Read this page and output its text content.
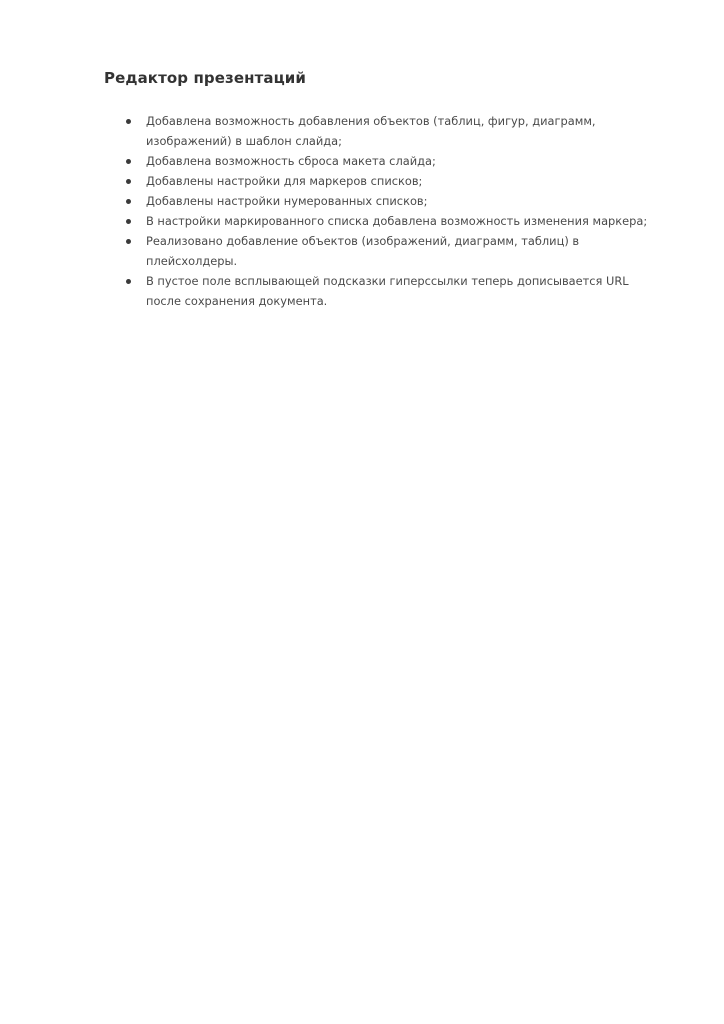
Редактор презентаций
Добавлена возможность добавления объектов (таблиц, фигур, диаграмм,
изображений) в шаблон слайда;
Добавлена возможность сброса макета слайда;
Добавлены настройки для маркеров списков;
Добавлены настройки нумерованных списков;
В настройки маркированного списка добавлена возможность изменения маркера;
Реализовано добавление объектов (изображений, диаграмм, таблиц) в
плейсхолдеры.
В пустое поле всплывающей подсказки гиперссылки теперь дописывается URL
после сохранения документа.
